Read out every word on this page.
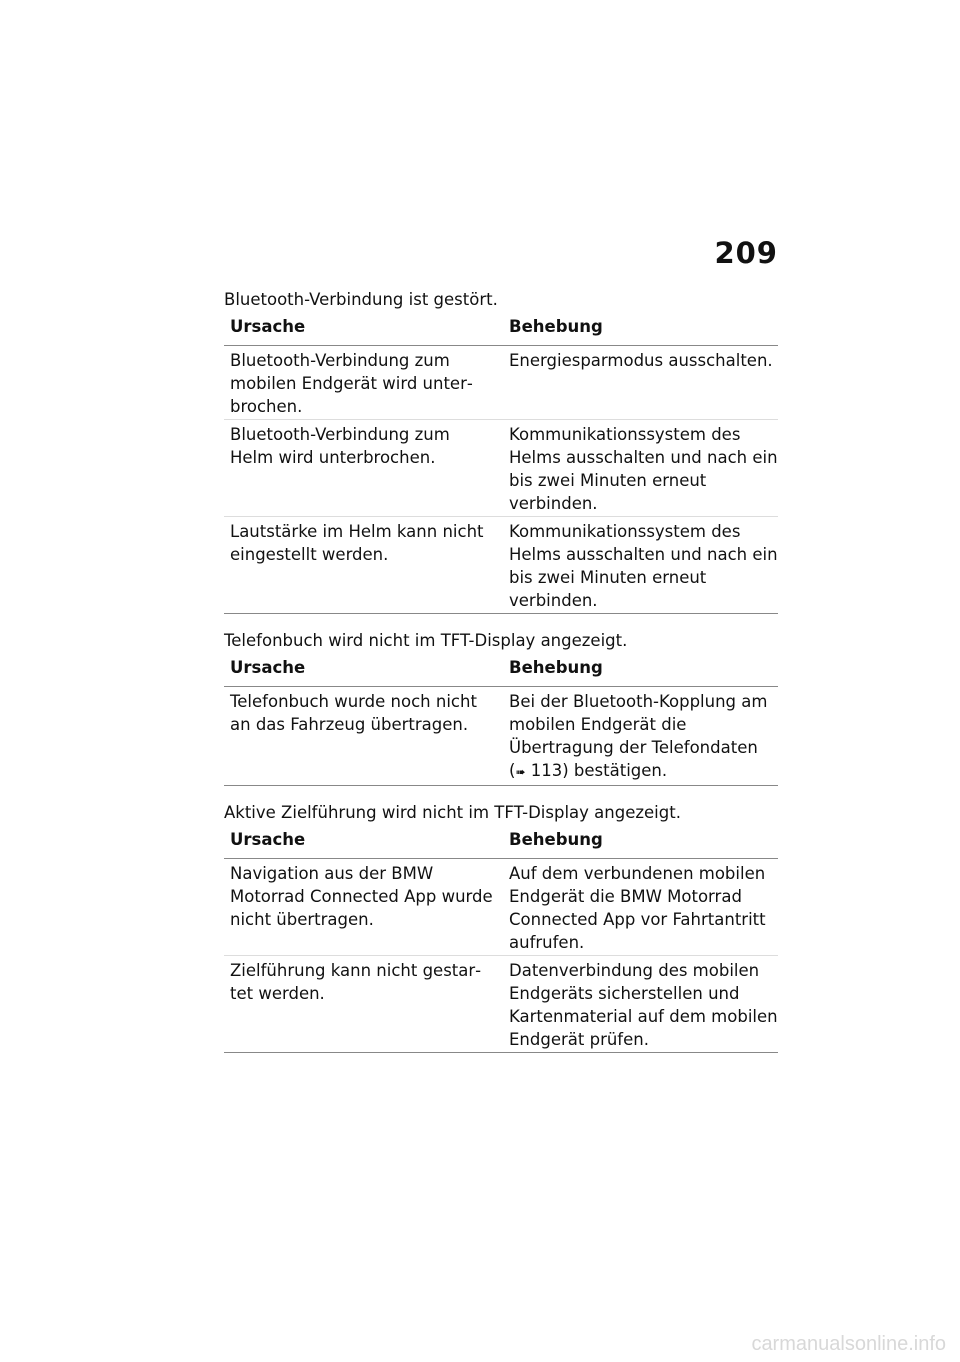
209
Bluetooth-Verbindung ist gestört.
Ursache	Behebung
Bluetooth-Verbindung zum mobilen Endgerät wird unterbrochen.	Energiesparmodus ausschalten.
Bluetooth-Verbindung zum Helm wird unterbrochen.	Kommunikationssystem des Helms ausschalten und nach ein bis zwei Minuten erneut verbinden.
Lautstärke im Helm kann nicht eingestellt werden.	Kommunikationssystem des Helms ausschalten und nach ein bis zwei Minuten erneut verbinden.
Telefonbuch wird nicht im TFT-Display angezeigt.
Ursache	Behebung
Telefonbuch wurde noch nicht an das Fahrzeug übertragen.	Bei der Bluetooth-Kopplung am mobilen Endgerät die Übertragung der Telefondaten (➠ 113) bestätigen.
Aktive Zielführung wird nicht im TFT-Display angezeigt.
Ursache	Behebung
Navigation aus der BMW Motorrad Connected App wurde nicht übertragen.	Auf dem verbundenen mobilen Endgerät die BMW Motorrad Connected App vor Fahrtantritt aufrufen.
Zielführung kann nicht gestartet werden.	Datenverbindung des mobilen Endgeräts sicherstellen und Kartenmaterial auf dem mobilen Endgerät prüfen.
carmanualsonline.info
